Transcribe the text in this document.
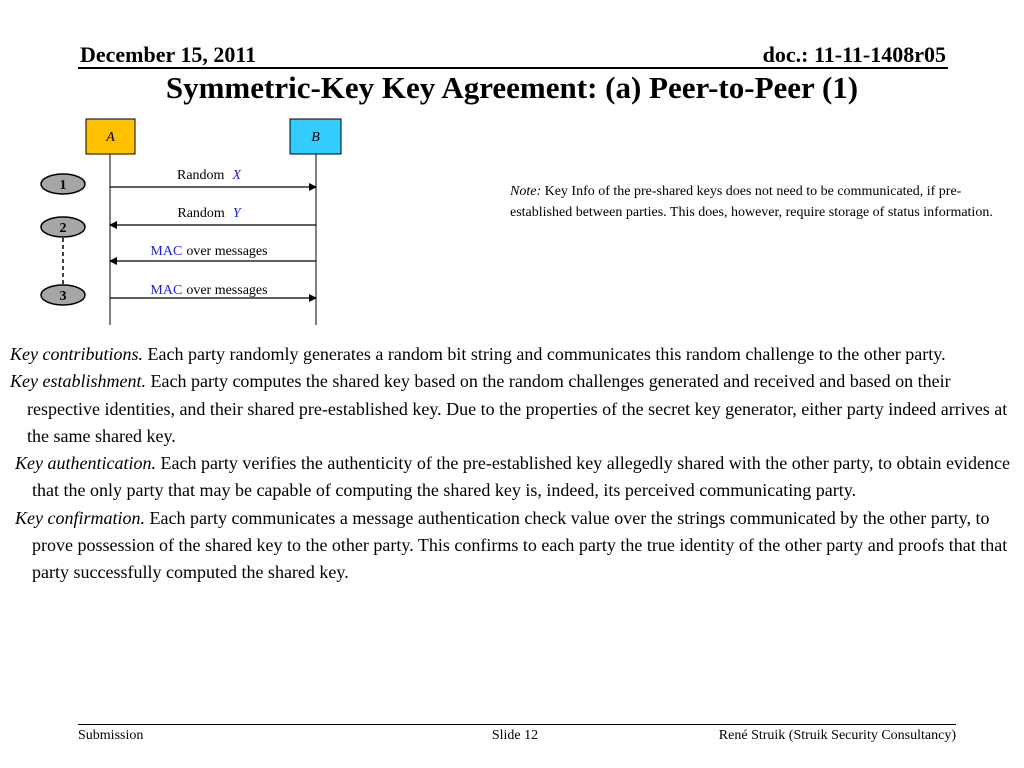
December 15, 2011	doc.: 11-11-1408r05
Symmetric-Key Key Agreement: (a) Peer-to-Peer (1)
A	B
Random X
Random Y
MAC over messages
MAC over messages
1
2
3
Note: Key Info of the pre-shared keys does not need to be communicated, if pre-established between parties. This does, however, require storage of status information.
Key contributions. Each party randomly generates a random bit string and communicates this random challenge to the other party.
Key establishment. Each party computes the shared key based on the random challenges generated and received and based on their respective identities, and their shared pre-established key. Due to the properties of the secret key generator, either party indeed arrives at the same shared key.
Key authentication. Each party verifies the authenticity of the pre-established key allegedly shared with the other party, to obtain evidence that the only party that may be capable of computing the shared key is, indeed, its perceived communicating party.
Key confirmation. Each party communicates a message authentication check value over the strings communicated by the other party, to prove possession of the shared key to the other party. This confirms to each party the true identity of the other party and proofs that that party successfully computed the shared key.
Submission	Slide 12	René Struik (Struik Security Consultancy)
